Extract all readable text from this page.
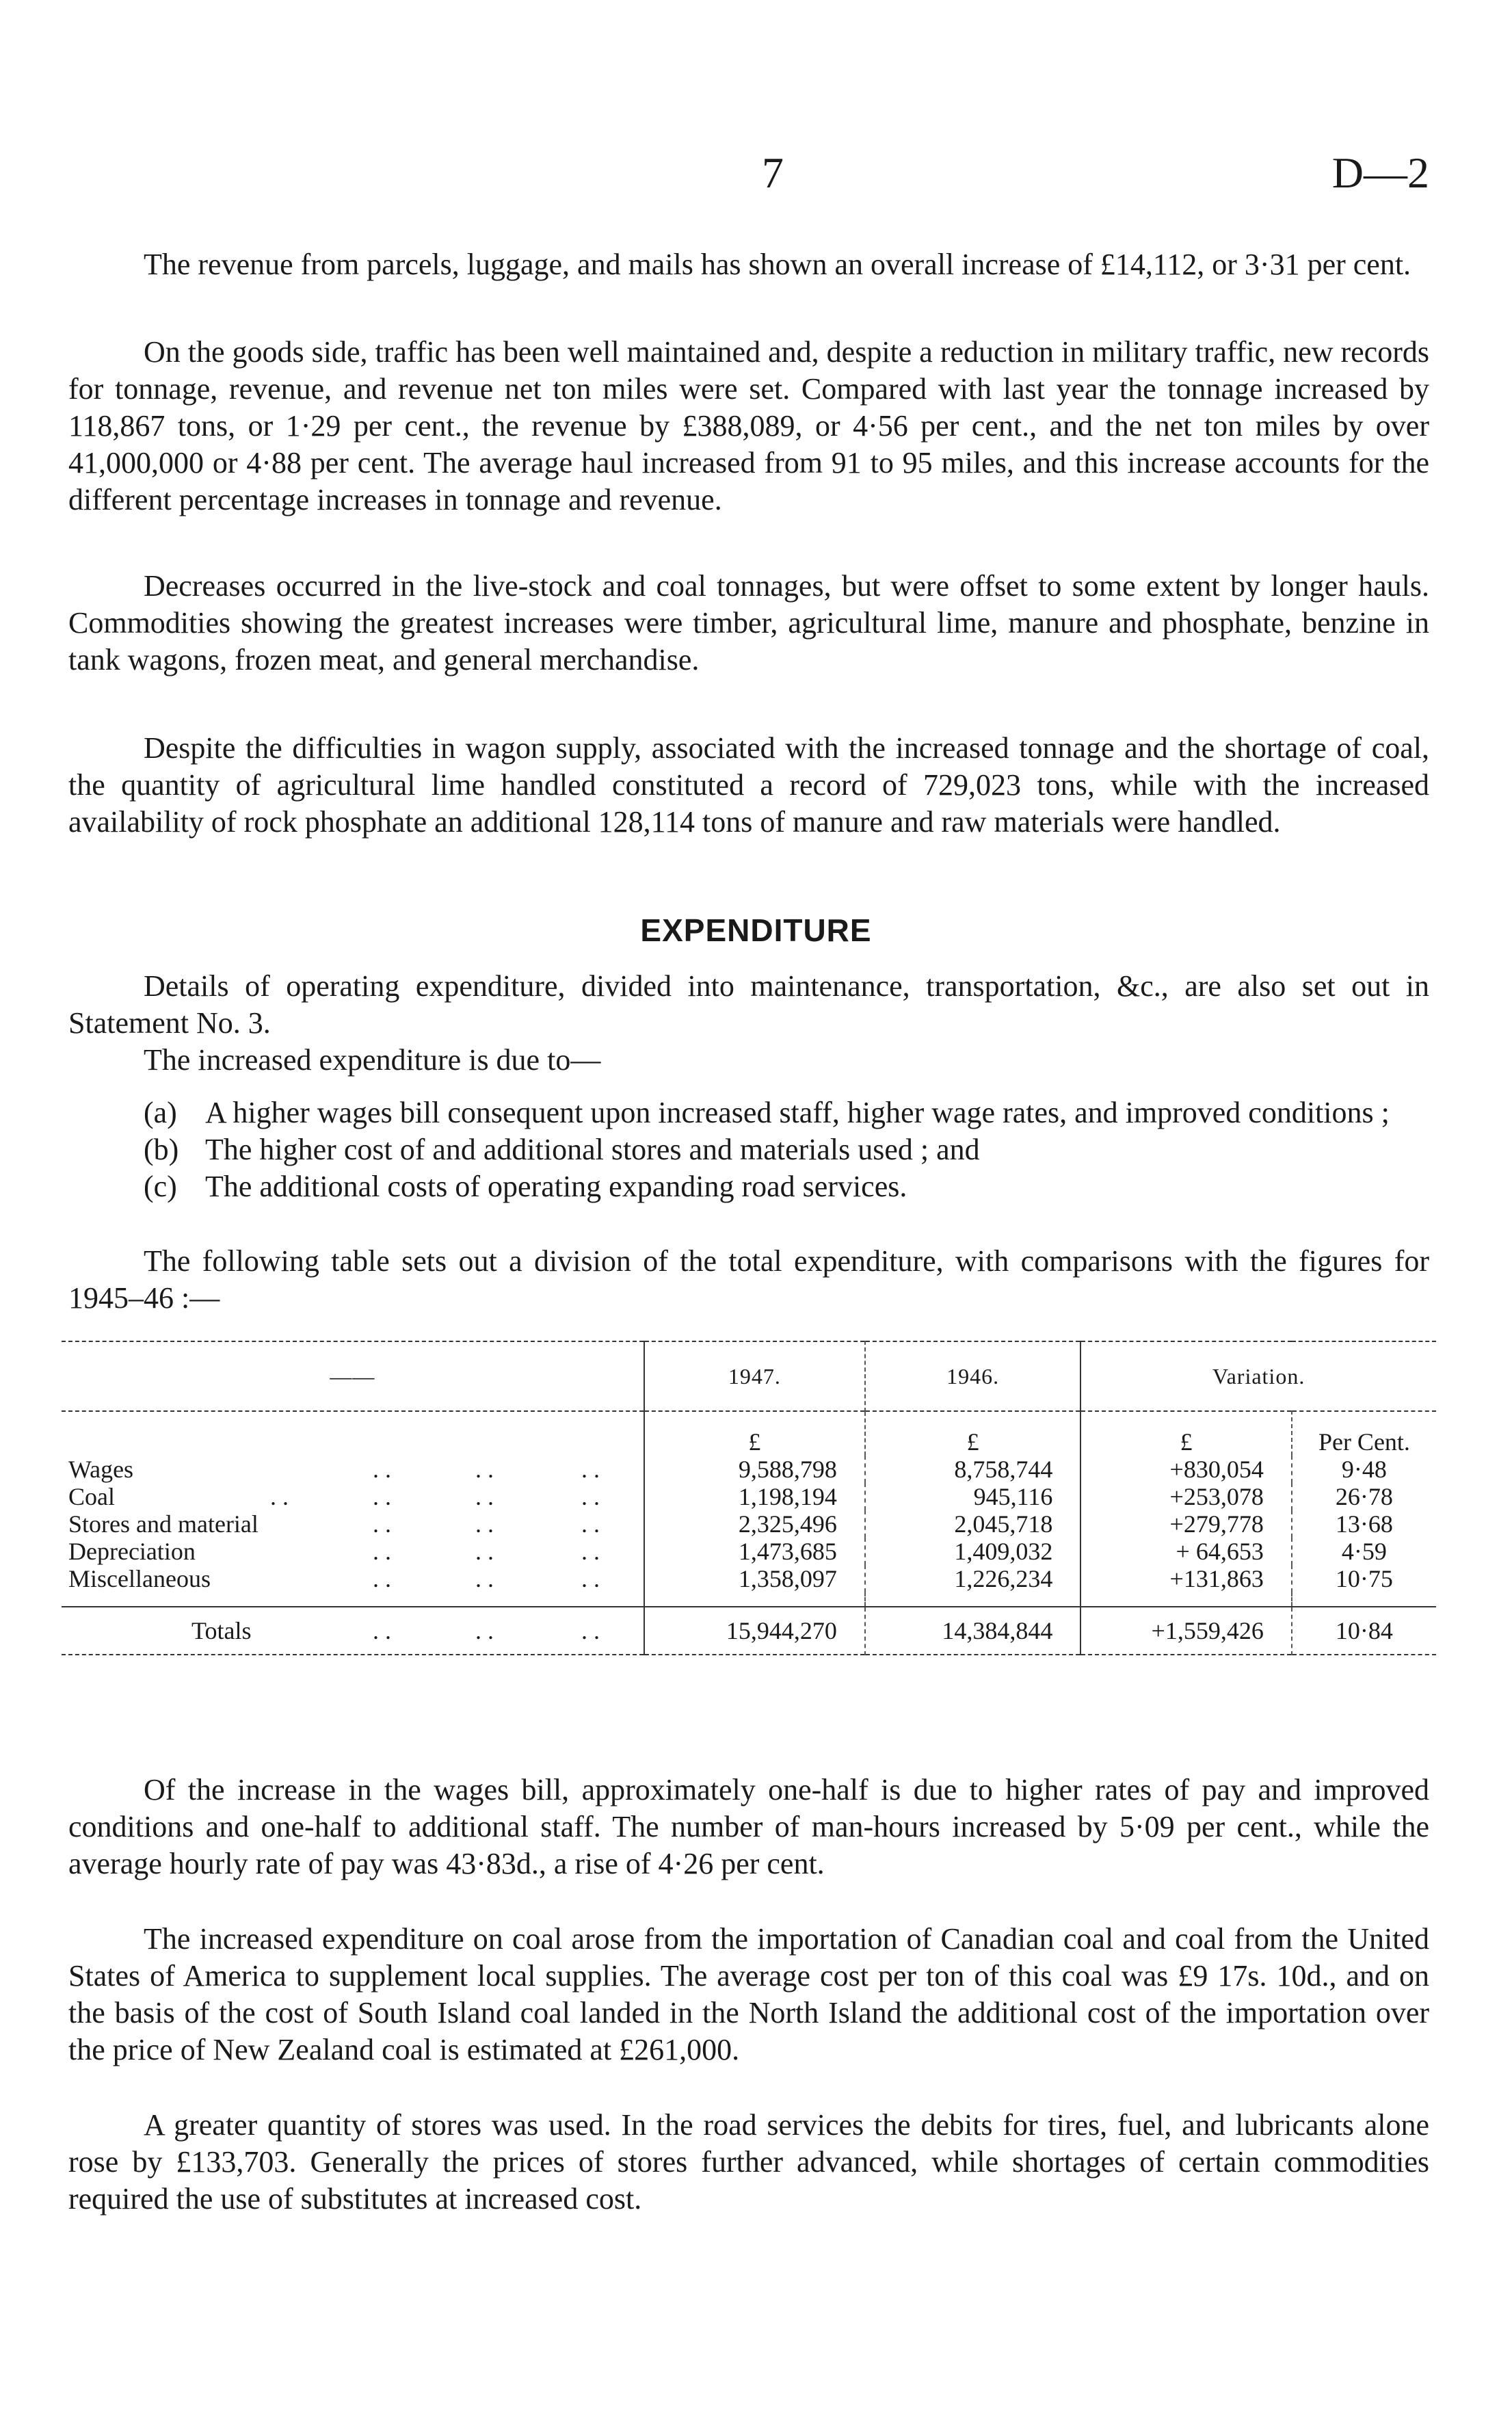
7	D—2

The revenue from parcels, luggage, and mails has shown an overall increase of £14,112, or 3·31 per cent.

On the goods side, traffic has been well maintained and, despite a reduction in military traffic, new records for tonnage, revenue, and revenue net ton miles were set. Compared with last year the tonnage increased by 118,867 tons, or 1·29 per cent., the revenue by £388,089, or 4·56 per cent., and the net ton miles by over 41,000,000 or 4·88 per cent. The average haul increased from 91 to 95 miles, and this increase accounts for the different percentage increases in tonnage and revenue.

Decreases occurred in the live-stock and coal tonnages, but were offset to some extent by longer hauls. Commodities showing the greatest increases were timber, agricultural lime, manure and phosphate, benzine in tank wagons, frozen meat, and general merchandise.

Despite the difficulties in wagon supply, associated with the increased tonnage and the shortage of coal, the quantity of agricultural lime handled constituted a record of 729,023 tons, while with the increased availability of rock phosphate an additional 128,114 tons of manure and raw materials were handled.

EXPENDITURE

Details of operating expenditure, divided into maintenance, transportation, &c., are also set out in Statement No. 3.

The increased expenditure is due to—

(a) A higher wages bill consequent upon increased staff, higher wage rates, and improved conditions ;
(b) The higher cost of and additional stores and materials used ; and
(c) The additional costs of operating expanding road services.

The following table sets out a division of the total expenditure, with comparisons with the figures for 1945–46 :—

——	1947.	1946.	Variation.	
	£	£	£	Per Cent.
Wages . . . . . .	9,588,798	8,758,744	+830,054	9·48
Coal . . . . . . . .	1,198,194	945,116	+253,078	26·78
Stores and material . . . . . .	2,325,496	2,045,718	+279,778	13·68
Depreciation . . . . . .	1,473,685	1,409,032	+ 64,653	4·59
Miscellaneous . . . . . .	1,358,097	1,226,234	+131,863	10·75

Totals . . . . . .	15,944,270	14,384,844	+1,559,426	10·84

Of the increase in the wages bill, approximately one-half is due to higher rates of pay and improved conditions and one-half to additional staff. The number of man-hours increased by 5·09 per cent., while the average hourly rate of pay was 43·83d., a rise of 4·26 per cent.

The increased expenditure on coal arose from the importation of Canadian coal and coal from the United States of America to supplement local supplies. The average cost per ton of this coal was £9 17s. 10d., and on the basis of the cost of South Island coal landed in the North Island the additional cost of the importation over the price of New Zealand coal is estimated at £261,000.

A greater quantity of stores was used. In the road services the debits for tires, fuel, and lubricants alone rose by £133,703. Generally the prices of stores further advanced, while shortages of certain commodities required the use of substitutes at increased cost.
